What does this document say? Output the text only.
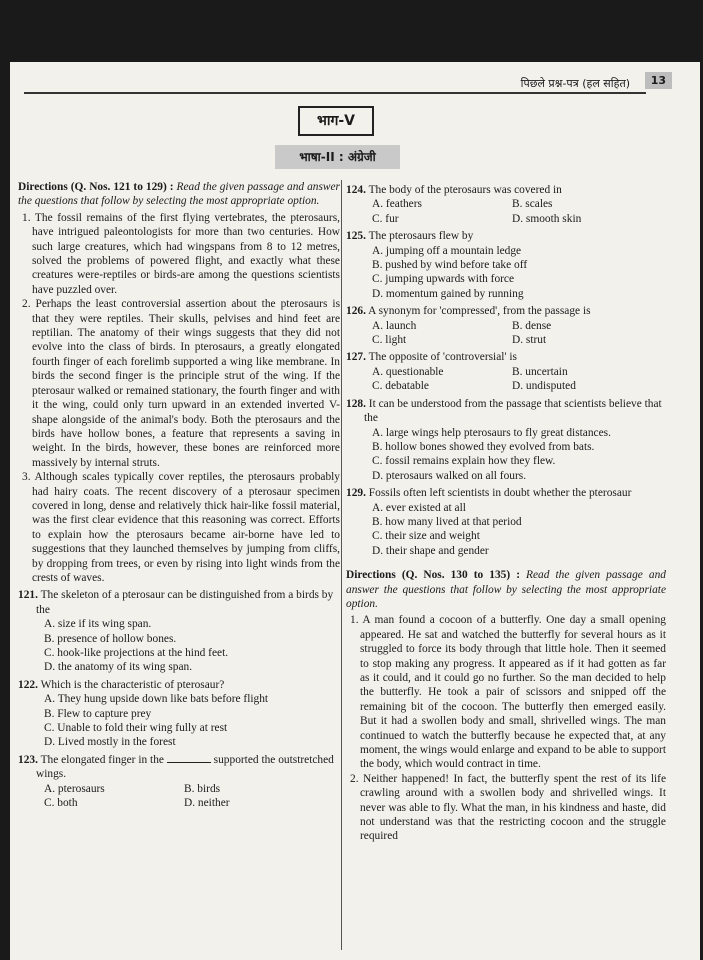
पिछले प्रश्न-पत्र (हल सहित)	13
भाग-V
भाषा-II : अंग्रेजी

Directions (Q. Nos. 121 to 129) : Read the given passage and answer the questions that follow by selecting the most appropriate option.

1. The fossil remains of the first flying vertebrates, the pterosaurs, have intrigued paleontologists for more than two centuries. How such large creatures, which had wingspans from 8 to 12 metres, solved the problems of powered flight, and exactly what these creatures were-reptiles or birds-are among the questions scientists have puzzled over.

2. Perhaps the least controversial assertion about the pterosaurs is that they were reptiles. Their skulls, pelvises and hind feet are reptilian. The anatomy of their wings suggests that they did not evolve into the class of birds. In pterosaurs, a greatly elongated fourth finger of each forelimb supported a wing like membrane. In birds the second finger is the principle strut of the wing. If the pterosaur walked or remained stationary, the fourth finger and with it the wing, could only turn upward in an extended inverted V-shape alongside of the animal's body. Both the pterosaurs and the birds have hollow bones, a feature that represents a saving in weight. In the birds, however, these bones are reinforced more massively by internal struts.

3. Although scales typically cover reptiles, the pterosaurs probably had hairy coats. The recent discovery of a pterosaur specimen covered in long, dense and relatively thick hair-like fossil material, was the first clear evidence that this reasoning was correct. Efforts to explain how the pterosaurs became air-borne have led to suggestions that they launched themselves by jumping from cliffs, by dropping from trees, or even by rising into light winds from the crests of waves.

121. The skeleton of a pterosaur can be distinguished from a birds by the
A. size if its wing span.
B. presence of hollow bones.
C. hook-like projections at the hind feet.
D. the anatomy of its wing span.
122. Which is the characteristic of pterosaur?
A. They hung upside down like bats before flight
B. Flew to capture prey
C. Unable to fold their wing fully at rest
D. Lived mostly in the forest
123. The elongated finger in the	supported the outstretched wings.
A. pterosaurs	B. birds
C. both	D. neither
124. The body of the pterosaurs was covered in
A. feathers	B. scales
C. fur	D. smooth skin
125. The pterosaurs flew by
A. jumping off a mountain ledge
B. pushed by wind before take off
C. jumping upwards with force
D. momentum gained by running
126. A synonym for 'compressed', from the passage is
A. launch	B. dense
C. light	D. strut
127. The opposite of 'controversial' is
A. questionable	B. uncertain
C. debatable	D. undisputed
128. It can be understood from the passage that scientists believe that the
A. large wings help pterosaurs to fly great distances.
B. hollow bones showed they evolved from bats.
C. fossil remains explain how they flew.
D. pterosaurs walked on all fours.
129. Fossils often left scientists in doubt whether the pterosaur
A. ever existed at all
B. how many lived at that period
C. their size and weight
D. their shape and gender

Directions (Q. Nos. 130 to 135) : Read the given passage and answer the questions that follow by selecting the most appropriate option.

1. A man found a cocoon of a butterfly. One day a small opening appeared. He sat and watched the butterfly for several hours as it struggled to force its body through that little hole. Then it seemed to stop making any progress. It appeared as if it had gotten as far as it could, and it could go no further. So the man decided to help the butterfly. He took a pair of scissors and snipped off the remaining bit of the cocoon. The butterfly then emerged easily. But it had a swollen body and small, shrivelled wings. The man continued to watch the butterfly because he expected that, at any moment, the wings would enlarge and expand to be able to support the body, which would contract in time.

2. Neither happened! In fact, the butterfly spent the rest of its life crawling around with a swollen body and shrivelled wings. It never was able to fly. What the man, in his kindness and haste, did not understand was that the restricting cocoon and the struggle required
